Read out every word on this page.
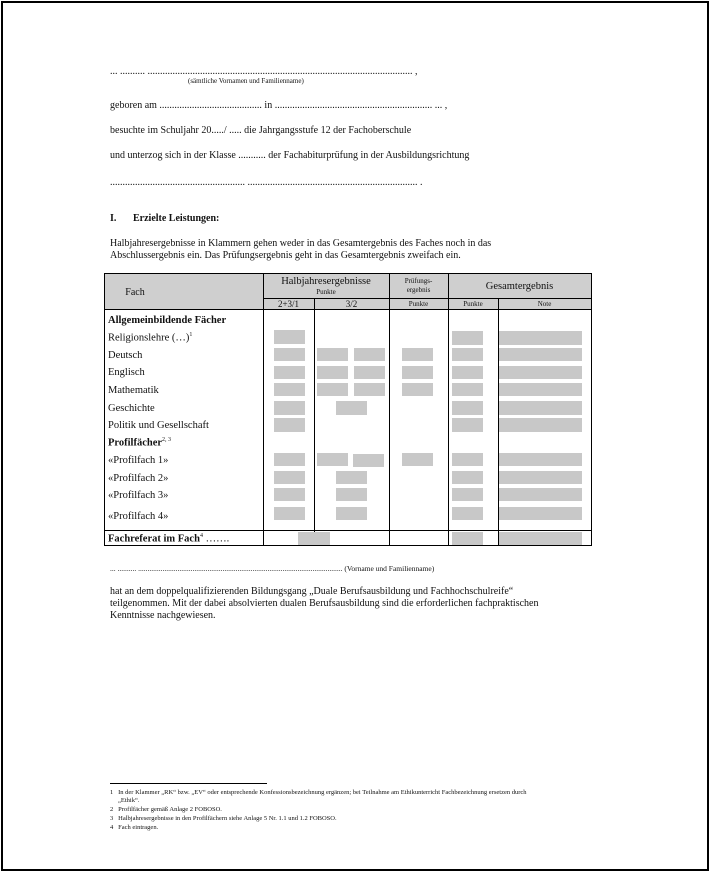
... .......... .......................................................................................................... ,
(sämtliche Vornamen und Familienname)
geboren am ......................................... in ............................................................... ... ,
besuchte im Schuljahr 20...../ ..... die Jahrgangsstufe 12 der Fachoberschule
und unterzog sich in der Klasse ........... der Fachabiturprüfung in der Ausbildungsrichtung
...................................................... .................................................................... .
I. Erzielte Leistungen:
Halbjahresergebnisse in Klammern gehen weder in das Gesamtergebnis des Faches noch in das
Abschlussergebnis ein. Das Prüfungsergebnis geht in das Gesamtergebnis zweifach ein.
Fach
Halbjahresergebnisse
Punkte
2+3/1	3/2
Prüfungs-
ergebnis
Punkte
Gesamtergebnis
Punkte	Note
Allgemeinbildende Fächer
Religionslehre (…)$^1$
Deutsch
Englisch
Mathematik
Geschichte
Politik und Gesellschaft
Profilfächer$^{2, 3}$
«Profilfach 1»
«Profilfach 2»
«Profilfach 3»
«Profilfach 4»
Fachreferat im Fach$^4$ …….
... .......... ............................................................................................................. (Vorname und Familienname)
hat an dem doppelqualifizierenden Bildungsgang „Duale Berufsausbildung und Fachhochschulreife“
teilgenommen. Mit der dabei absolvierten dualen Berufsausbildung sind die erforderlichen fachpraktischen
Kenntnisse nachgewiesen.
1 In der Klammer „RK“ bzw. „EV“ oder entsprechende Konfessionsbezeichnung ergänzen; bei Teilnahme am Ethikunterricht Fachbezeichnung ersetzen durch
„Ethik“.
2 Profilfächer gemäß Anlage 2 FOBOSO.
3 Halbjahresergebnisse in den Profilfächern siehe Anlage 5 Nr. 1.1 und 1.2 FOBOSO.
4 Fach eintragen.
